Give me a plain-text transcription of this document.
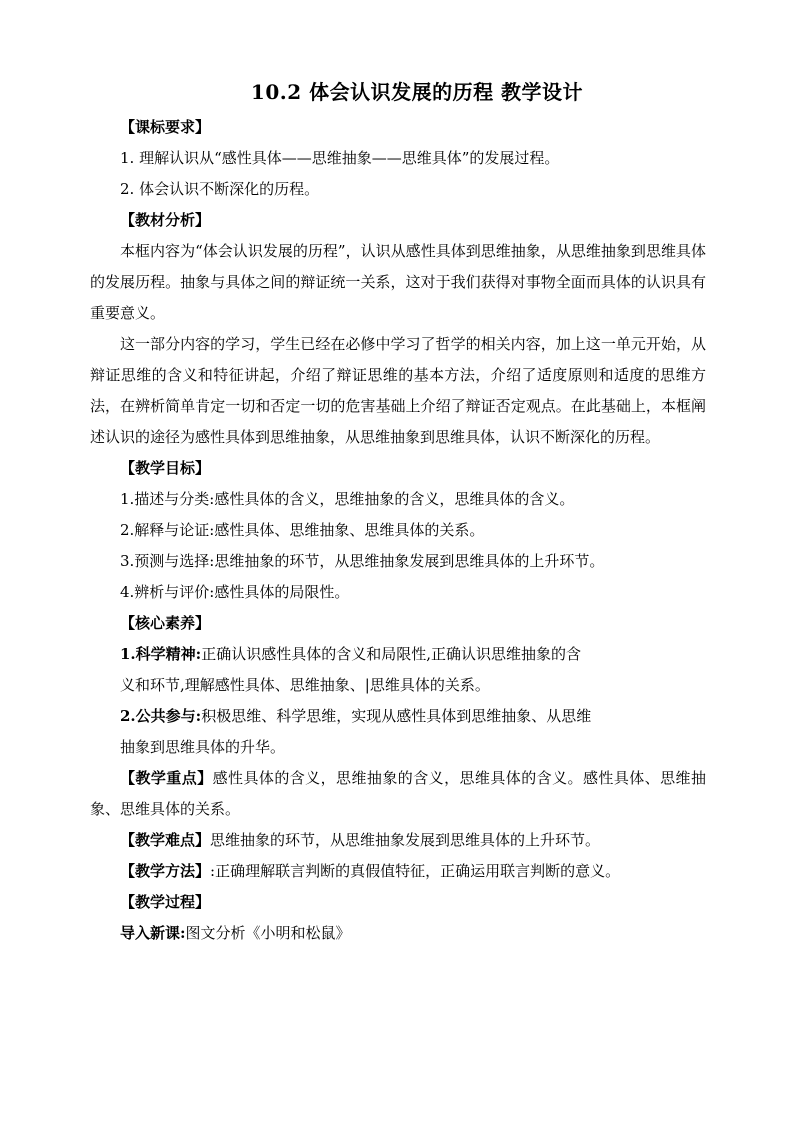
10.2 体会认识发展的历程 教学设计

【课标要求】

1. 理解认识从“感性具体——思维抽象——思维具体”的发展过程。

2. 体会认识不断深化的历程。

【教材分析】

本框内容为“体会认识发展的历程”，认识从感性具体到思维抽象，从思维抽象到思维具体的发展历程。抽象与具体之间的辩证统一关系，这对于我们获得对事物全面而具体的认识具有重要意义。

这一部分内容的学习，学生已经在必修中学习了哲学的相关内容，加上这一单元开始，从辩证思维的含义和特征讲起，介绍了辩证思维的基本方法，介绍了适度原则和适度的思维方法，在辨析简单肯定一切和否定一切的危害基础上介绍了辩证否定观点。在此基础上，本框阐述认识的途径为感性具体到思维抽象，从思维抽象到思维具体，认识不断深化的历程。

【教学目标】

1.描述与分类:感性具体的含义，思维抽象的含义，思维具体的含义。

2.解释与论证:感性具体、思维抽象、思维具体的关系。

3.预测与选择:思维抽象的环节，从思维抽象发展到思维具体的上升环节。

4.辨析与评价:感性具体的局限性。

【核心素养】

1.科学精神:正确认识感性具体的含义和局限性,正确认识思维抽象的含

义和环节,理解感性具体、思维抽象、|思维具体的关系。

2.公共参与:积极思维、科学思维，实现从感性具体到思维抽象、从思维

抽象到思维具体的升华。

【教学重点】感性具体的含义，思维抽象的含义，思维具体的含义。感性具体、思维抽象、思维具体的关系。

【教学难点】思维抽象的环节，从思维抽象发展到思维具体的上升环节。

【教学方法】:正确理解联言判断的真假值特征，正确运用联言判断的意义。

【教学过程】

导入新课:图文分析《小明和松鼠》
